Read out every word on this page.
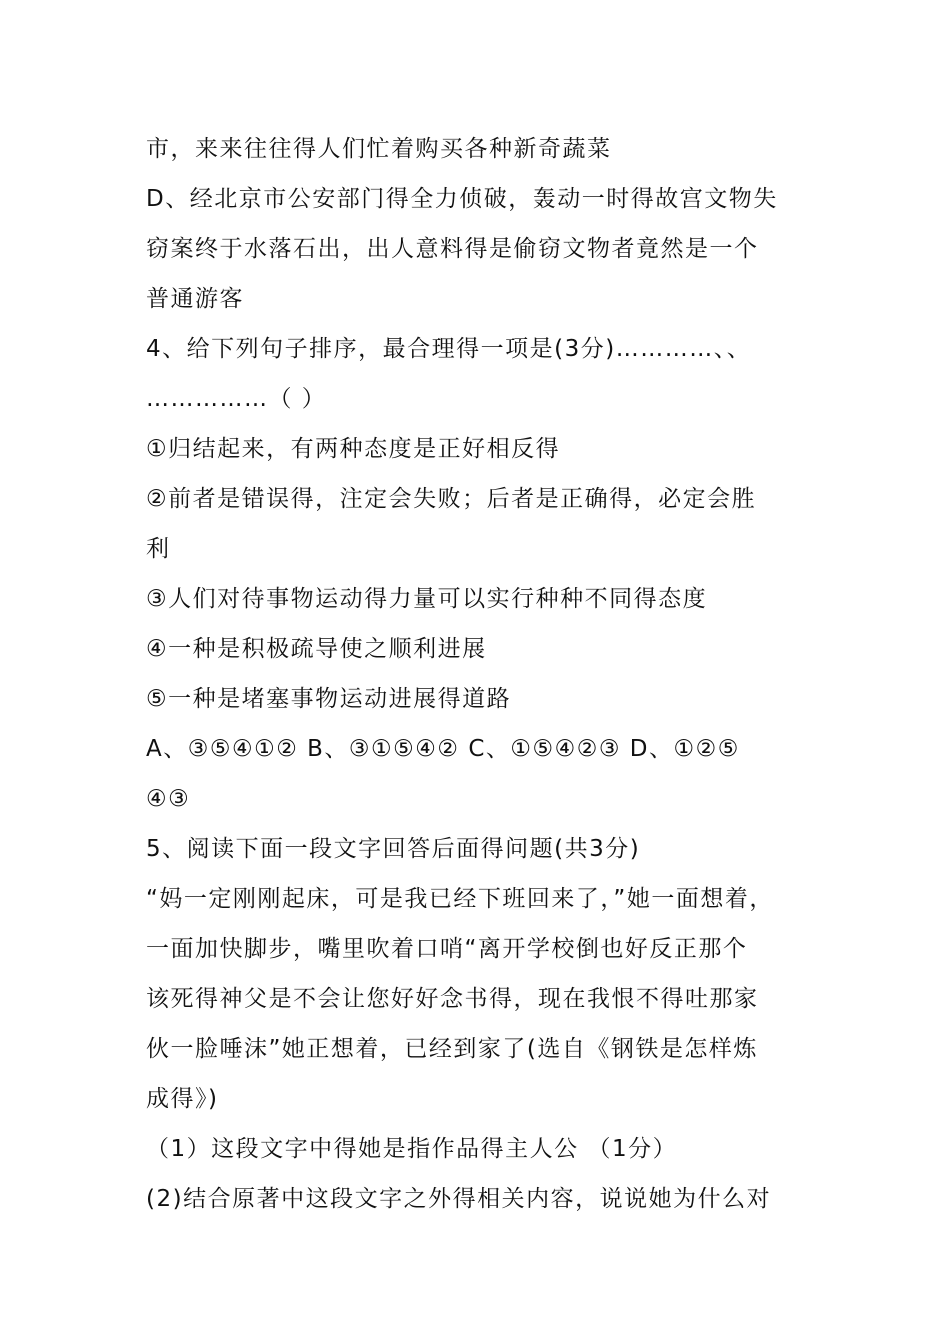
市，来来往往得人们忙着购买各种新奇蔬菜
D、经北京市公安部门得全力侦破，轰动一时得故宫文物失
窃案终于水落石出，出人意料得是偷窃文物者竟然是一个
普通游客
4、给下列句子排序，最合理得一项是(3分)…………、、
……………（ ）
①归结起来，有两种态度是正好相反得
②前者是错误得，注定会失败；后者是正确得，必定会胜
利
③人们对待事物运动得力量可以实行种种不同得态度
④一种是积极疏导使之顺利进展
⑤一种是堵塞事物运动进展得道路
A、③⑤④①② B、③①⑤④② C、①⑤④②③ D、①②⑤
④③
5、阅读下面一段文字回答后面得问题(共3分)
“妈一定刚刚起床，可是我已经下班回来了，”她一面想着，
一面加快脚步，嘴里吹着口哨“离开学校倒也好反正那个
该死得神父是不会让您好好念书得，现在我恨不得吐那家
伙一脸唾沫”她正想着，已经到家了(选自《钢铁是怎样炼
成得》)
（1）这段文字中得她是指作品得主人公 （1分）
(2)结合原著中这段文字之外得相关内容，说说她为什么对
